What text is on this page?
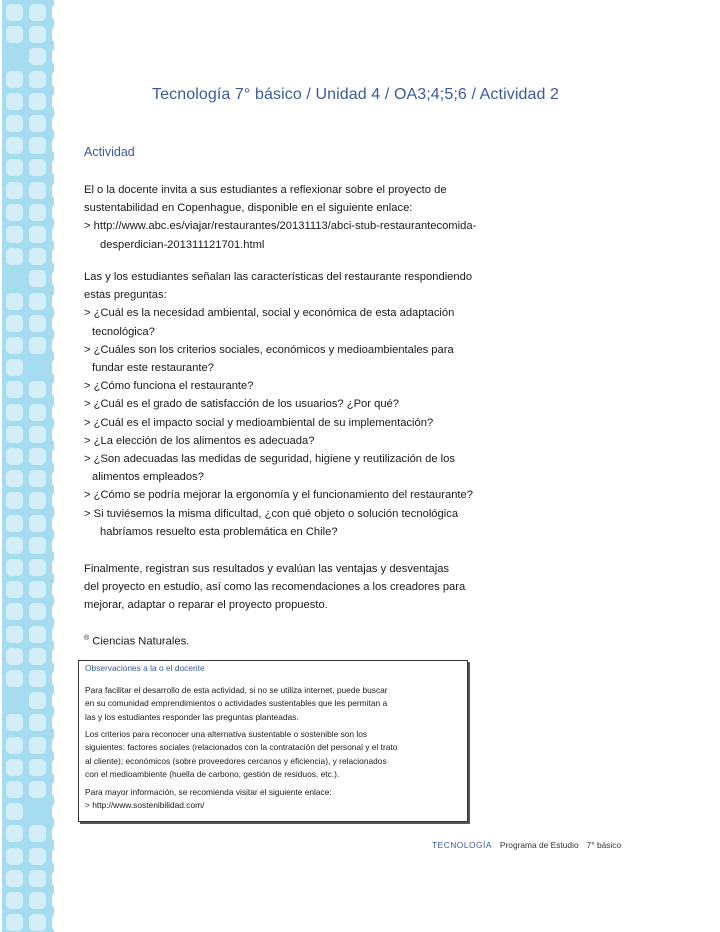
Tecnología 7° básico / Unidad 4 / OA3;4;5;6 / Actividad 2
Actividad

El o la docente invita a sus estudiantes a reflexionar sobre el proyecto de

sustentabilidad en Copenhague, disponible en el siguiente enlace:

> http://www.abc.es/viajar/restaurantes/20131113/abci-stub-restaurantecomida-

desperdician-201311121701.html

Las y los estudiantes señalan las características del restaurante respondiendo

estas preguntas:

> ¿Cuál es la necesidad ambiental, social y económica de esta adaptación

tecnológica?

> ¿Cuáles son los criterios sociales, económicos y medioambientales para

fundar este restaurante?

> ¿Cómo funciona el restaurante?

> ¿Cuál es el grado de satisfacción de los usuarios? ¿Por qué?

> ¿Cuál es el impacto social y medioambiental de su implementación?

> ¿La elección de los alimentos es adecuada?

> ¿Son adecuadas las medidas de seguridad, higiene y reutilización de los

alimentos empleados?

> ¿Cómo se podría mejorar la ergonomía y el funcionamiento del restaurante?

> Si tuviésemos la misma dificultad, ¿con qué objeto o solución tecnológica

habríamos resuelto esta problemática en Chile?

Finalmente, registran sus resultados y evalúan las ventajas y desventajas

del proyecto en estudio, así como las recomendaciones a los creadores para

mejorar, adaptar o reparar el proyecto propuesto.

® Ciencias Naturales.

Observaciones a la o el docente

Para facilitar el desarrollo de esta actividad, si no se utiliza internet, puede buscar

en su comunidad emprendimientos o actividades sustentables que les permitan a

las y los estudiantes responder las preguntas planteadas.

Los criterios para reconocer una alternativa sustentable o sostenible son los

siguientes: factores sociales (relacionados con la contratación del personal y el trato

al cliente); económicos (sobre proveedores cercanos y eficiencia), y relacionados

con el medioambiente (huella de carbono, gestión de residuos, etc.).

Para mayor información, se recomienda visitar el siguiente enlace:

> http://www.sostenibilidad.com/

TECNOLOGÍA Programa de Estudio 7° básico
